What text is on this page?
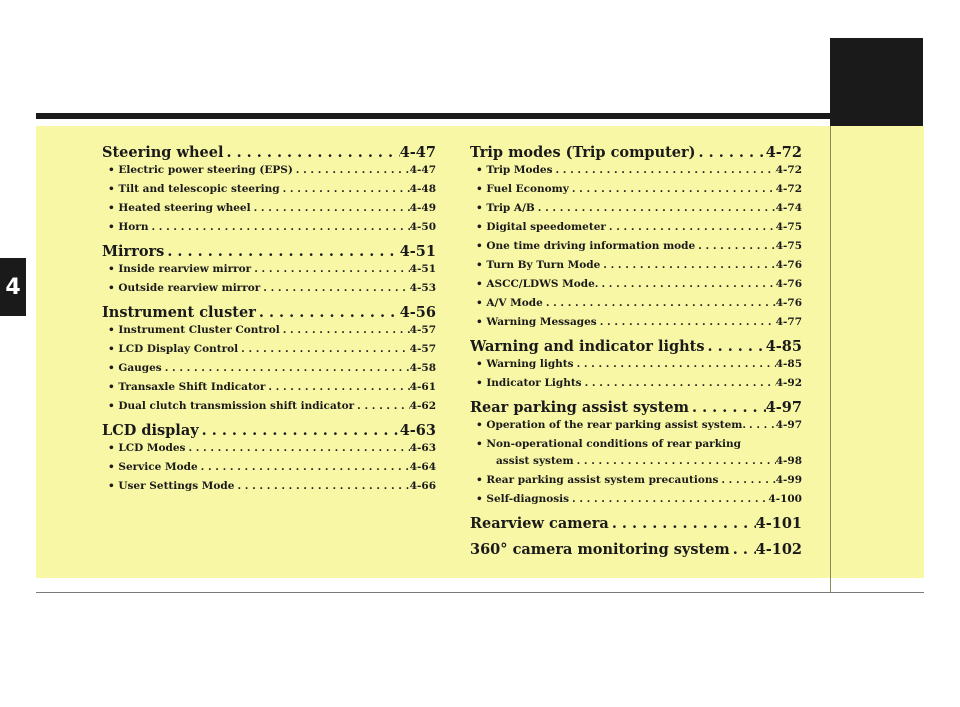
4
Steering wheel . . .	4-47
• Electric power steering (EPS) . . .	4-47
• Tilt and telescopic steering . . .	4-48
• Heated steering wheel . . .	4-49
• Horn . . .	4-50
Mirrors . . .	4-51
• Inside rearview mirror . . .	4-51
• Outside rearview mirror . . .	4-53
Instrument cluster . . .	4-56
• Instrument Cluster Control . . .	4-57
• LCD Display Control . . .	4-57
• Gauges . . .	4-58
• Transaxle Shift Indicator . . .	4-61
• Dual clutch transmission shift indicator . . .	4-62
LCD display . . .	4-63
• LCD Modes . . .	4-63
• Service Mode . . .	4-64
• User Settings Mode . . .	4-66
Trip modes (Trip computer) . . .	4-72
• Trip Modes . . .	4-72
• Fuel Economy . . .	4-72
• Trip A/B . . .	4-74
• Digital speedometer . . .	4-75
• One time driving information mode . . .	4-75
• Turn By Turn Mode . . .	4-76
• ASCC/LDWS Mode. . . .	4-76
• A/V Mode . . .	4-76
• Warning Messages . . .	4-77
Warning and indicator lights . . .	4-85
• Warning lights . . .	4-85
• Indicator Lights . . .	4-92
Rear parking assist system . . .	4-97
• Operation of the rear parking assist system. . . .	4-97
• Non-operational conditions of rear parking
assist system . . .	4-98
• Rear parking assist system precautions . . .	4-99
• Self-diagnosis . . .	4-100
Rearview camera . . .	4-101
360° camera monitoring system . . . 4-102
